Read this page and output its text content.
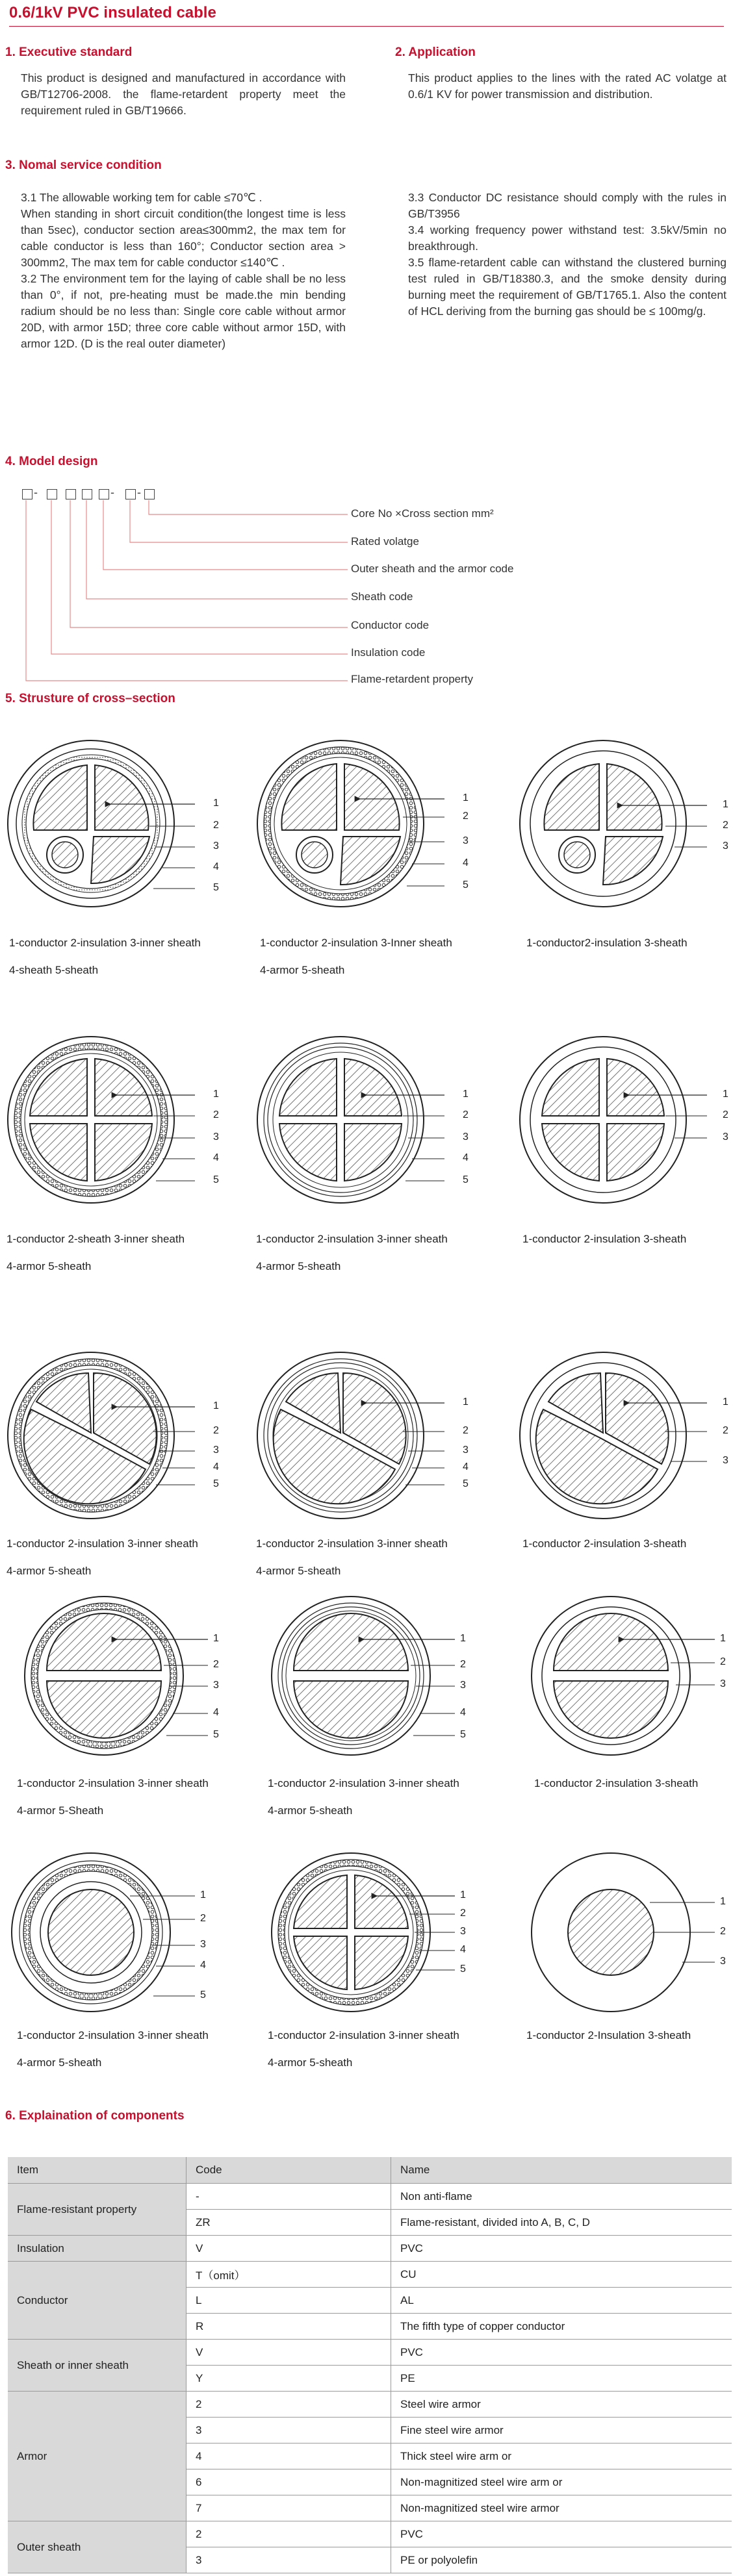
0.6/1kV PVC insulated cable
1. Executive standard

This product is designed and manufactured in accordance with GB/T12706-2008. the flame-retardent property meet the requirement ruled in GB/T19666.

2. Application

This product applies to the lines with the rated AC volatge at 0.6/1 KV for power transmission and distribution.

3. Nomal service condition

3.1 The allowable working tem for cable ≤70℃ .

When standing in short circuit condition(the longest time is less than 5sec), conductor section area≤300mm2, the max tem for cable conductor is less than 160°; Conductor section area > 300mm2, The max tem for cable conductor ≤140℃ .

3.2 The environment tem for the laying of cable shall be no less than 0°, if not, pre-heating must be made.the min bending radium should be no less than: Single core cable without armor 20D, with armor 15D; three core cable without armor 15D, with armor 12D. (D is the real outer diameter)

3.3 Conductor DC resistance should comply with the rules in GB/T3956

3.4 working frequency power withstand test: 3.5kV/5min no breakthrough.

3.5 flame-retardent cable can withstand the clustered burning test ruled in GB/T18380.3, and the smoke density during burning meet the requirement of GB/T1765.1. Also the content of HCL deriving from the burning gas should be ≤ 100mg/g.

4. Model design
-	- -
Core No ×Cross section mm²
Rated volatge
Outer sheath and the armor code
Sheath code
Conductor code
Insulation code
Flame-retardent property
5. Strusture of cross–section
1
2
3
4
5
1
2
3
4
5
1
2
3
1
2
3
4
5
1
2
3
4
5
1
2
3
1
2
3
4
5
1
2
3
4
5
1
2
3
1
2
3
4
5
1
2
3
4
5
1
2
3
1
2
3
4
5
1
2
3
4
5
1
2
3
1-conductor 2-insulation 3-inner sheath
4-sheath 5-sheath
1-conductor 2-insulation 3-Inner sheath
4-armor 5-sheath
1-conductor2-insulation 3-sheath
1-conductor 2-sheath 3-inner sheath
4-armor 5-sheath
1-conductor 2-insulation 3-inner sheath
4-armor 5-sheath
1-conductor 2-insulation 3-sheath
1-conductor 2-insulation 3-inner sheath
4-armor 5-sheath
1-conductor 2-insulation 3-inner sheath
4-armor 5-sheath
1-conductor 2-insulation 3-sheath
1-conductor 2-insulation 3-inner sheath
4-armor 5-Sheath
1-conductor 2-insulation 3-inner sheath
4-armor 5-sheath
1-conductor 2-insulation 3-sheath
1-conductor 2-insulation 3-inner sheath
4-armor 5-sheath
1-conductor 2-insulation 3-inner sheath
4-armor 5-sheath
1-conductor 2-Insulation 3-sheath
6. Explaination of components
Item	Code	Name
Flame-resistant property	-	Non anti-flame
	ZR	Flame-resistant, divided into A, B, C, D
Insulation	V	PVC
Conductor	T（omit）	CU
	L	AL
	R	The fifth type of copper conductor
Sheath or inner sheath	V	PVC
	Y	PE
Armor	2	Steel wire armor
	3	Fine steel wire armor
	4	Thick steel wire arm or
	6	Non-magnitized steel wire arm or
	7	Non-magnitized steel wire armor
Outer sheath	2	PVC
	3	PE or polyolefin
